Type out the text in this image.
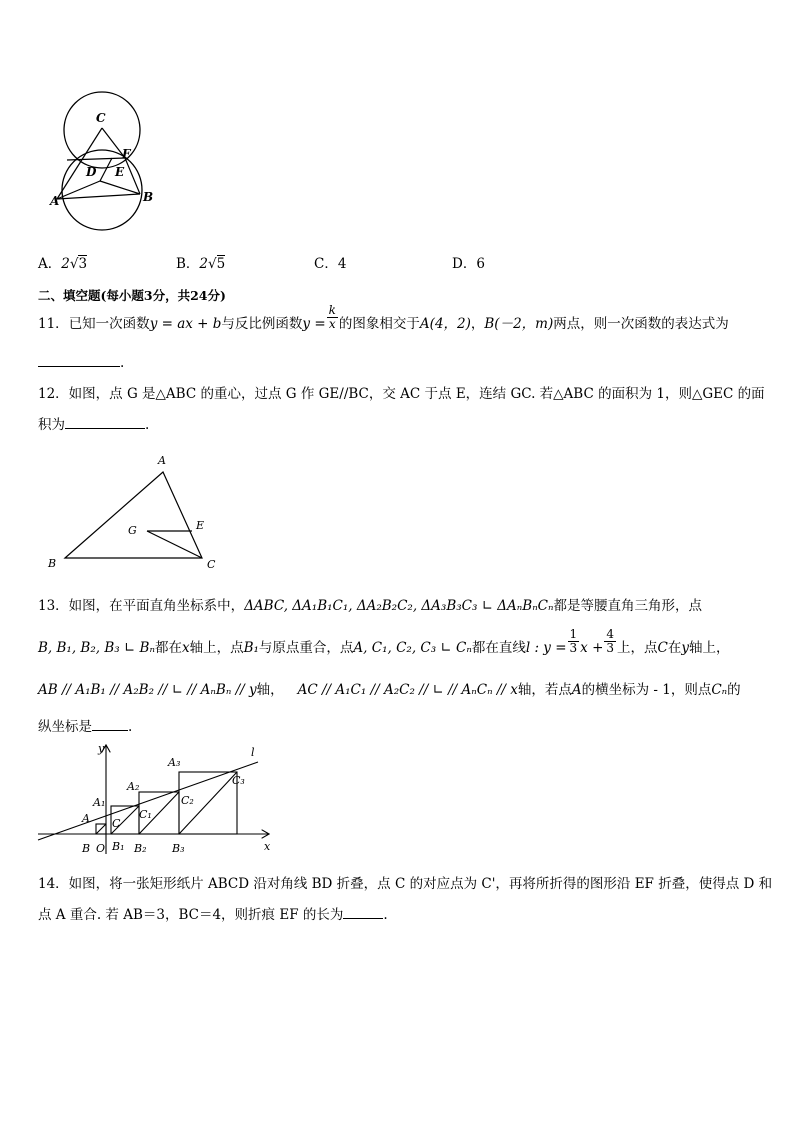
C
F
D E
A	B
A．2√3	B．2√5	C．4	D．6
二、填空题(每小题3分，共24分)
11．已知一次函数y = ax + b与反比例函数$y = \frac{k}{x}$ 的图象相交于A(4，2)，B(－2，m)两点，则一次函数的表达式为
.
12．如图，点 G 是△ABC 的重心，过点 G 作 GE//BC，交 AC 于点 E，连结 GC. 若△ABC 的面积为 1，则△GEC 的面
积为	.
A
G	E
B	C
13．如图，在平面直角坐标系中，ΔABC, ΔA₁B₁C₁, ΔA₂B₂C₂, ΔA₃B₃C₃ ∟ ΔAₙBₙCₙ都是等腰直角三角形，点
B, B₁, B₂, B₃ ∟ Bₙ都在x轴上，点B₁与原点重合，点A, C₁, C₂, C₃ ∟ Cₙ都在直线l : $y = \frac{1}{3}$ $x + \frac{4}{3}$ 上，点C在y轴上，
AB // A₁B₁ // A₂B₂ // ∟ // AₙBₙ // y轴， AC // A₁C₁ // A₂C₂ // ∟ // AₙCₙ // x轴，若点A的横坐标为 - 1，则点Cₙ的
纵坐标是	.
y	l
A₃
C₃
A₂
C₂
A₁
C₁
A C
x
B O B₁ B₂ B₃
14．如图，将一张矩形纸片 ABCD 沿对角线 BD 折叠，点 C 的对应点为 C'，再将所折得的图形沿 EF 折叠，使得点 D 和
点 A 重合. 若 AB＝3，BC＝4，则折痕 EF 的长为	.
